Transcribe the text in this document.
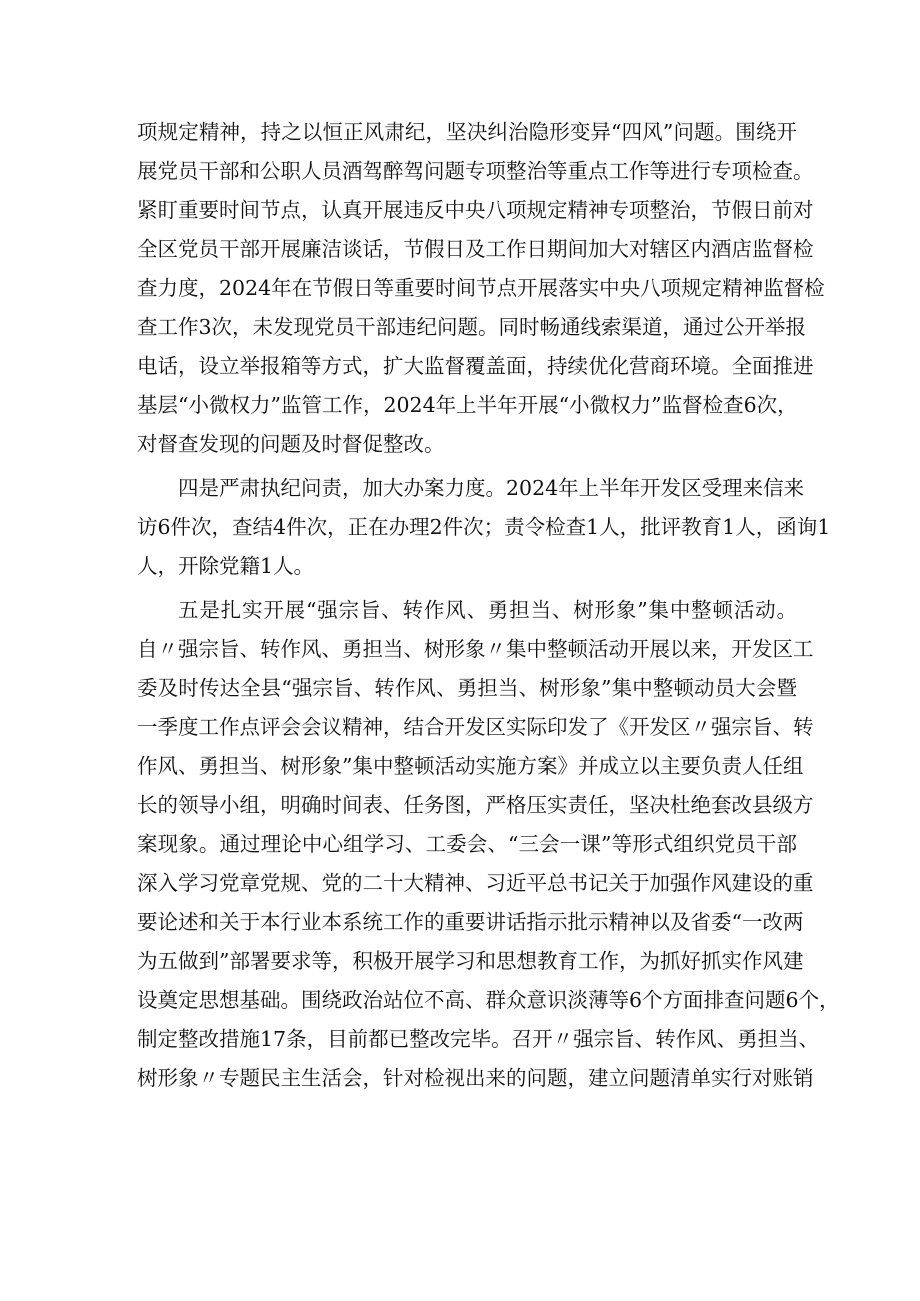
项规定精神，持之以恒正风肃纪，坚决纠治隐形变异“四风”问题。围绕开
展党员干部和公职人员酒驾醉驾问题专项整治等重点工作等进行专项检查。
紧盯重要时间节点，认真开展违反中央八项规定精神专项整治，节假日前对
全区党员干部开展廉洁谈话，节假日及工作日期间加大对辖区内酒店监督检
查力度，2024年在节假日等重要时间节点开展落实中央八项规定精神监督检
查工作3次，未发现党员干部违纪问题。同时畅通线索渠道，通过公开举报
电话，设立举报箱等方式，扩大监督覆盖面，持续优化营商环境。全面推进
基层“小微权力”监管工作，2024年上半年开展“小微权力”监督检查6次，
对督查发现的问题及时督促整改。
四是严肃执纪问责，加大办案力度。2024年上半年开发区受理来信来
访6件次，查结4件次，正在办理2件次；责令检查1人，批评教育1人，函询1
人，开除党籍1人。
五是扎实开展“强宗旨、转作风、勇担当、树形象”集中整顿活动。
自〃强宗旨、转作风、勇担当、树形象〃集中整顿活动开展以来，开发区工
委及时传达全县“强宗旨、转作风、勇担当、树形象”集中整顿动员大会暨
一季度工作点评会会议精神，结合开发区实际印发了《开发区〃强宗旨、转
作风、勇担当、树形象”集中整顿活动实施方案》并成立以主要负责人任组
长的领导小组，明确时间表、任务图，严格压实责任，坚决杜绝套改县级方
案现象。通过理论中心组学习、工委会、“三会一课”等形式组织党员干部
深入学习党章党规、党的二十大精神、习近平总书记关于加强作风建设的重
要论述和关于本行业本系统工作的重要讲话指示批示精神以及省委“一改两
为五做到”部署要求等，积极开展学习和思想教育工作，为抓好抓实作风建
设奠定思想基础。围绕政治站位不高、群众意识淡薄等6个方面排查问题6个，
制定整改措施17条，目前都已整改完毕。召开〃强宗旨、转作风、勇担当、
树形象〃专题民主生活会，针对检视出来的问题，建立问题清单实行对账销
